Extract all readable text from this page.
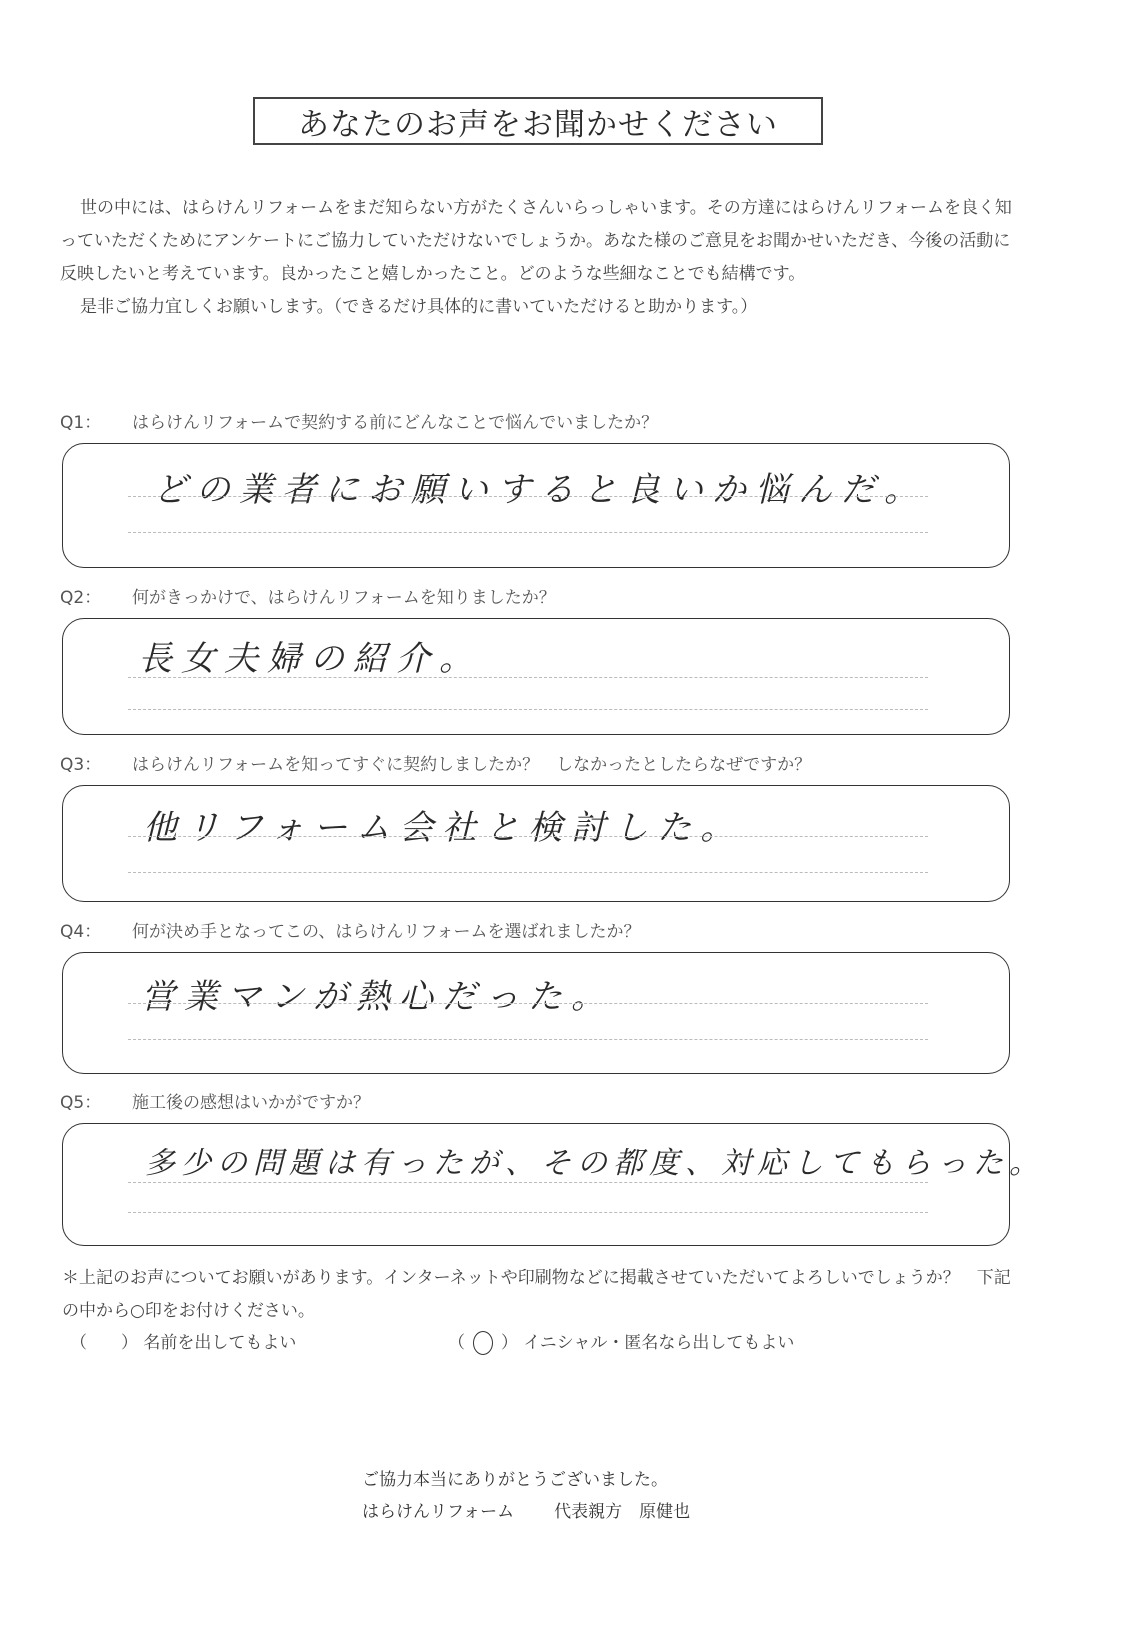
あなたのお声をお聞かせください

世の中には、はらけんリフォームをまだ知らない方がたくさんいらっしゃいます。その方達にはらけんリフォームを良く知っていただくためにアンケートにご協力していただけないでしょうか。あなた様のご意見をお聞かせいただき、今後の活動に反映したいと考えています。良かったこと嬉しかったこと。どのような些細なことでも結構です。

是非ご協力宜しくお願いします。（できるだけ具体的に書いていただけると助かります。）

Q1：	はらけんリフォームで契約する前にどんなことで悩んでいましたか？
どの業者にお願いすると良いか悩んだ。
Q2：	何がきっかけで、はらけんリフォームを知りましたか？
長女夫婦の紹介。
Q3：	はらけんリフォームを知ってすぐに契約しましたか？　しなかったとしたらなぜですか？
他リフォーム会社と検討した。
Q4：	何が決め手となってこの、はらけんリフォームを選ばれましたか？
営業マンが熱心だった。
Q5：	施工後の感想はいかがですか？
多少の問題は有ったが、その都度、対応してもらった。
＊上記のお声についてお願いがあります。インターネットや印刷物などに掲載させていただいてよろしいでしょうか？　下記の中から○印をお付けください。
（ ） 名前を出してもよい	（ ○ ） イニシャル・匿名なら出してもよい
ご協力本当にありがとうございました。
はらけんリフォーム 代表親方　原健也
